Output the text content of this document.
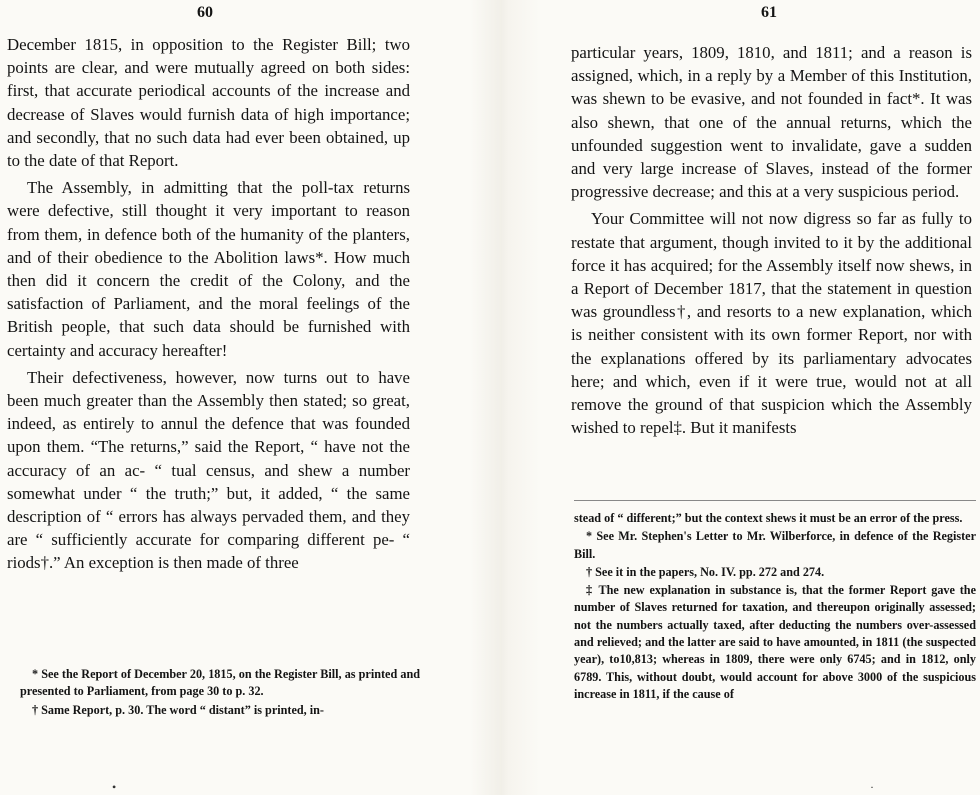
60

December 1815, in opposition to the Register Bill; two points are clear, and were mutually agreed on both sides: first, that accurate periodical accounts of the increase and decrease of Slaves would furnish data of high importance; and secondly, that no such data had ever been obtained, up to the date of that Report.

The Assembly, in admitting that the poll-tax returns were defective, still thought it very important to reason from them, in defence both of the humanity of the planters, and of their obedience to the Abolition laws*. How much then did it concern the credit of the Colony, and the satisfaction of Parliament, and the moral feelings of the British people, that such data should be furnished with certainty and accuracy hereafter!

Their defectiveness, however, now turns out to have been much greater than the Assembly then stated; so great, indeed, as entirely to annul the defence that was founded upon them. “The returns,” said the Report, “ have not the accuracy of an ac- “ tual census, and shew a number somewhat under “ the truth;” but, it added, “ the same description of “ errors has always pervaded them, and they are “ sufficiently accurate for comparing different pe- “ riods†.” An exception is then made of three

* See the Report of December 20, 1815, on the Register Bill, as printed and presented to Parliament, from page 30 to p. 32.

† Same Report, p. 30. The word “ distant” is printed, in-

•
61

particular years, 1809, 1810, and 1811; and a reason is assigned, which, in a reply by a Member of this Institution, was shewn to be evasive, and not founded in fact*. It was also shewn, that one of the annual returns, which the unfounded suggestion went to invalidate, gave a sudden and very large increase of Slaves, instead of the former progressive decrease; and this at a very suspicious period.

Your Committee will not now digress so far as fully to restate that argument, though invited to it by the additional force it has acquired; for the Assembly itself now shews, in a Report of December 1817, that the statement in question was groundless†, and resorts to a new explanation, which is neither consistent with its own former Report, nor with the explanations offered by its parliamentary advocates here; and which, even if it were true, would not at all remove the ground of that suspicion which the Assembly wished to repel‡. But it manifests

stead of “ different;” but the context shews it must be an error of the press.

* See Mr. Stephen's Letter to Mr. Wilberforce, in defence of the Register Bill.

† See it in the papers, No. IV. pp. 272 and 274.

‡ The new explanation in substance is, that the former Report gave the number of Slaves returned for taxation, and thereupon originally assessed; not the numbers actually taxed, after deducting the numbers over-assessed and relieved; and the latter are said to have amounted, in 1811 (the suspected year), to10,813; whereas in 1809, there were only 6745; and in 1812, only 6789. This, without doubt, would account for above 3000 of the suspicious increase in 1811, if the cause of

·
